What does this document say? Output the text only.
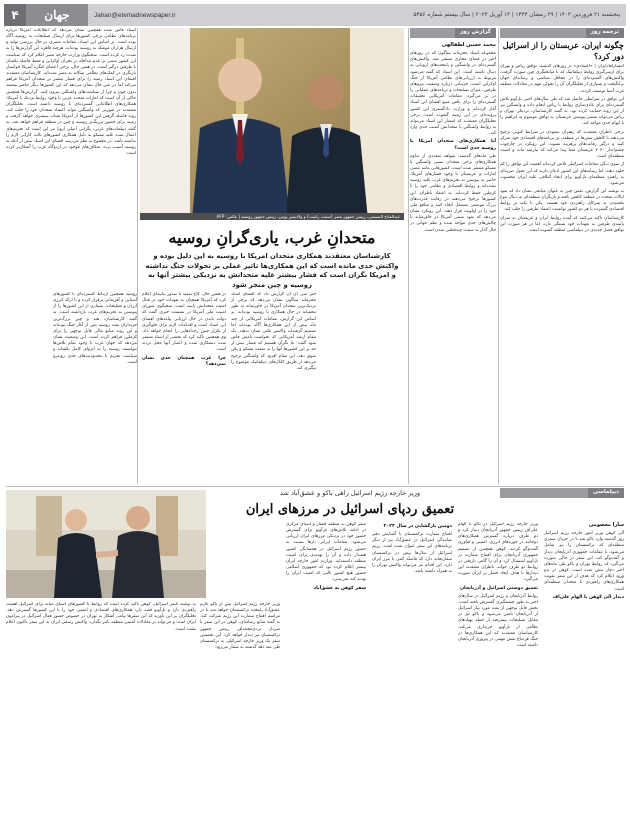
۴	جهان	Jahan@etemadnewspaper.ir	پنجشنبه ۲۱ فروردین ۱۴۰۲ | ۲۹ رمضان ۱۴۴۴ | ۱۳ آوریل ۲۰۲۳ | سال بیستم شماره ۵۴۵۶
ترجمه روز
چگونه ایران، عربستان را از اسرائیل دور کرد؟

انتشارآفادایران | «اعتمادی» در روزهای گذشته، توافق ریاض و تهران برای ازسرگیری روابط دیپلماتیک که با میانجیگری چین صورت گرفت، واکنش‌های گسترده‌ای را در محافل سیاسی و رسانه‌ای جهان برانگیخت و بسیاری از تحلیلگران آن را تحولی مهم در معادلات منطقه غرب آسیا توصیف کردند.

این توافق در شرایطی حاصل شد که طی سال‌های اخیر، تل‌آویو تلاش گسترده‌ای برای عادی‌سازی روابط با ریاض انجام داده و واشنگتن نیز از این روند حمایت کرده بود. به گفته کارشناسان، نزدیکی تهران و ریاض می‌تواند مسیر پیوستن عربستان به توافق موسوم به ابراهیم را با ابهام جدی مواجه کند.

برخی ناظران معتقدند که رهبران سعودی در شرایط کنونی ترجیح می‌دهند با کاهش تنش‌ها در منطقه، بر برنامه‌های اقتصادی خود تمرکز کنند و درگیر رقابت‌های پرهزینه نشوند. این رویکرد در چارچوب چشم‌انداز ۲۰۳۰ عربستان معنا پیدا می‌کند که نیازمند ثبات و امنیت منطقه‌ای است.

از سوی دیگر، مقامات اسرائیلی تلاش کرده‌اند اهمیت این توافق را کم جلوه دهند، اما رسانه‌های این کشور اذعان دارند که این تحول ضربه‌ای به راهبرد منطقه‌ای تل‌آویو برای ایجاد ائتلافی علیه ایران محسوب می‌شود.

به نوشته این گزارش، نقش چین به عنوان میانجی نشان داد که نفوذ ایالات متحده در منطقه کاهش یافته و بازیگران منطقه‌ای به دنبال تنوع بخشیدن به شرکای راهبردی خود هستند. پکن با تکیه بر روابط اقتصادی گسترده با هر دو کشور توانست اعتماد طرفین را جلب کند.

کارشناسان تاکید می‌کنند که آینده روابط ایران و عربستان به میزان پایبندی طرفین به تعهدات خود بستگی دارد، اما در هر صورت این توافق فصل جدیدی در دیپلماسی منطقه گشوده است.

گزارش روز
محمد حسین لطفالهی

مجموعه اسناد محرمانه پنتاگون که در روزهای اخیر در فضای مجازی منتشر شد، واکنش‌های گسترده‌ای در واشنگتن و پایتخت‌های اروپایی به دنبال داشته است. این اسناد که گفته می‌شود مربوط به ارزیابی‌های نظامی آمریکا از جنگ اوکراین است، جزییاتی درباره وضعیت نیروهای طرفین، میزان تسلیحات و برنامه‌های عملیاتی را در بر می‌گیرد. مقامات آمریکایی تحقیقات گسترده‌ای را برای یافتن منبع افشای این اسناد آغاز کرده‌اند و وزارت دادگستری این کشور پرونده‌ای در این زمینه گشوده است. برخی تحلیلگران معتقدند که انتشار این اسناد می‌تواند به روابط واشنگتن با متحدانش آسیب جدی وارد کند.

آیا همکاری‌های متحدان آمریکا با روسیه جدی است؟

طی ماه‌های گذشته، شواهد متعددی از تداوم همکاری‌های برخی متحدان سنتی واشنگتن با مسکو منتشر شده است. کشورهایی مانند مصر، امارات و عربستان با وجود فشارهای آمریکا، حاضر به پیوستن به تحریم‌های غرب علیه روسیه نشده‌اند و روابط اقتصادی و نظامی خود را با کرملین حفظ کرده‌اند. به اعتقاد ناظران، این کشورها ترجیح می‌دهند در رقابت قدرت‌های بزرگ موضعی مستقل اتخاذ کنند و منافع ملی خود را در اولویت قرار دهند. این رویکرد نشان می‌دهد که نفوذ سنتی آمریکا در خاورمیانه با چالش‌های جدی مواجه شده و نظم جهانی در حال گذار به سمت چندقطبی شدن است.

عبدالفتاح السیسی، رییس جمهور مصر (سمت راست) و ولادیمیر پوتین، رییس جمهور روسیه | عکس: AFP

اسناد فاش شده همچنین نشان می‌دهد که اطلاعات آمریکا درباره برنامه‌های نظامی برخی کشورها برای ارسال تسلیحات به روسیه آگاه بوده است. بر اساس این اسناد، مقامات مصری در حال بررسی تولید و ارسال هزاران موشک به روسیه بوده‌اند، هرچند قاهره این گزارش‌ها را به شدت رد کرده است. سخنگوی وزارت خارجه مصر اعلام کرد که سیاست این کشور مبتنی بر عدم مداخله در بحران اوکراین و حفظ فاصله یکسان با طرفین درگیر است. در همین حال، برخی اعضای کنگره آمریکا خواستار بازنگری در کمک‌های نظامی سالانه به مصر شده‌اند. کارشناسان معتقدند افشای این اسناد زمینه را برای فشار بیشتر بر متحدان آمریکا فراهم می‌کند اما در عین حال نشان می‌دهد که این کشورها دیگر حاضر نیستند بدون چون و چرا از سیاست‌های واشنگتن پیروی کنند. گزارش‌ها همچنین حاکی از آن است که امارات متحده عربی با وجود روابط نزدیک با آمریکا، همکاری‌های اطلاعاتی گسترده‌ای با روسیه داشته است. تحلیلگران معتقدند در صورتی که واشنگتن نتواند اعتماد متحدان خود را جلب کند، روند فاصله گرفتن این کشورها از آمریکا شتاب بیشتری خواهد گرفت و زمینه برای حضور پررنگ‌تر روسیه و چین در منطقه فراهم خواهد شد. به گفته دیپلمات‌های غربی، نگرانی اصلی اروپا نیز این است که تحریم‌های اعمال شده علیه مسکو به دلیل همکاری کشورهای ثالث کارایی لازم را نداشته باشد. در مجموع به نظر می‌رسد افشای این اسناد بیش از آنکه به روسیه آسیب بزند، شکاف‌های موجود در اردوگاه غرب را آشکارتر کرده است.

متحدانِ غرب، یاری‌گرانِ روسیه
کارشناسان معتقدند همکاری متحدان امریکا با روسیه به این دلیل بوده و واکنش جدی مانده است که این همکاری‌ها تاثیر عملی بر تحولات جنگ نداشته و امریکا نگران است که فشار بیشتر علیه متحدانش به نزدیکی بیشتر آنها به روسیه و چین منجر شود

خبر سی ان ان گزارش داد که افشای اسناد محرمانه پنتاگون نشان می‌دهد که برخی از نزدیک‌ترین متحدان آمریکا در خاورمیانه به طور مخفیانه در حال همکاری با روسیه بوده‌اند. بر اساس این گزارش، مقامات آمریکایی از چند ماه پیش از این همکاری‌ها آگاه بوده‌اند اما تصمیم گرفته‌اند واکنش علنی نشان ندهند. یک مقام ارشد آمریکایی که نخواست نامش فاش شود گفت: ما نگران هستیم که فشار بیش از حد بر این کشورها آنها را به سمت مسکو و پکن سوق دهد. این مقام افزود که واشنگتن ترجیح می‌دهد از طریق کانال‌های دیپلماتیک موضوع را پیگیری کند.

در همین حال، کاخ سفید با صدور بیانیه‌ای اعلام کرد که آمریکا همچنان به تعهدات خود در قبال امنیت متحدانش پایبند است. سخنگوی شورای امنیت ملی آمریکا در نشست خبری گفت که دولت بایدن در حال ارزیابی پیامدهای افشای این اسناد است و اقدامات لازم برای جلوگیری از تکرار چنین رخدادهایی را انجام خواهد داد. وی همچنین تاکید کرد که بخشی از اسناد منتشر شده دستکاری شده و اعتبار آنها محل تردید است.

چرا غرب همچنان جدی نشان نمی‌دهد؟

روسیه همچنین ارتباط گسترده‌ای با کشورهای آسیایی و آفریقایی برقرار کرده و با ارائه انرژی ارزان و تسلیحات، بسیاری از این کشورها را از پیوستن به تحریم‌های غرب بازداشته است. به گفته کارشناسان، هند و چین بزرگ‌ترین خریداران نفت روسیه پس از آغاز جنگ بوده‌اند و این روند منابع مالی قابل توجهی را برای کرملین فراهم کرده است. این وضعیت نشان می‌دهد که جهان غرب با وجود تمام تلاش‌ها نتوانسته روسیه را به انزوای کامل بکشاند و سیاست تحریم با محدودیت‌های جدی روبه‌رو است.

دیپلماسی
وزیر خارجه رژیم اسرائیل راهی باکو و عشق‌آباد شد
تعمیق ردپای اسرائیل در مرزهای ایران
سارا معصومی

الی کوهن وزیر امور خارجه رژیم اسرائیل روز گذشته وارد باکو شد تا در جریان سفری منطقه‌ای که ترکمنستان را نیز شامل می‌شود، با مقامات جمهوری آذربایجان دیدار و گفت‌وگو کند. این سفر در حالی صورت می‌گیرد که روابط تهران و باکو طی ماه‌های اخیر دچار تنش شده است. کوهن در بدو ورود اعلام کرد که هدف از این سفر تقویت همکاری‌های راهبردی با متحدان منطقه‌ای است.

دیدار الی کوهن با الهام علی‌اف

وزیر خارجه رژیم اسرائیل در باکو با الهام علی‌اف رییس جمهور آذربایجان دیدار کرد و دو طرف درباره گسترش همکاری‌های دوجانبه در حوزه‌های انرژی، امنیتی و فناوری گفت‌وگو کردند. کوهن همچنین از تصمیم جمهوری آذربایجان برای افتتاح سفارت در تل‌آویو استقبال کرد و آن را گامی تاریخی در روابط دو طرف خواند. ناظران معتقدند این دیدارها با هدف ایجاد فشار بر ایران صورت می‌گیرد.

تعمیق دوستی اسرائیل و آذربایجان

روابط آذربایجان و رژیم اسرائیل در سال‌های اخیر به طور چشمگیری گسترش یافته است. بخش قابل توجهی از نفت مورد نیاز اسرائیل از آذربایجان تامین می‌شود و باکو نیز در مقابل تسلیحات پیشرفته از جمله پهپادهای نظامی از تل‌آویو خریداری می‌کند. کارشناسان معتقدند که این همکاری‌ها در جنگ قره‌باغ نقش مهمی در پیروزی آذربایجان داشته است.

دومین بازگشایی در سال ۲۰۲۳

افتتاح سفارت ترکمنستان یا گشایش دفتر نمایندگی اسرائیل در عشق‌آباد نیز از دیگر برنامه‌های این سفر عنوان شده است. رژیم اسرائیل از سال‌ها پیش در ترکمنستان سفارتخانه دارد که فاصله کمی با مرز ایران دارد. این اقدام نیز می‌تواند واکنش تهران را به همراه داشته باشد.

سفر کوهن به منطقه قفقاز و آسیای مرکزی در ادامه تلاش‌های تل‌آویو برای گسترش حضور خود در نزدیکی مرزهای ایران ارزیابی می‌شود. مقامات ایرانی بارها نسبت به حضور رژیم اسرائیل در همسایگی کشور هشدار داده و آن را تهدیدی برای امنیت منطقه دانسته‌اند. وزارت امور خارجه ایران پیشتر اعلام کرده بود که جمهوری اسلامی حضور هیچ کشور ثالثی که امنیت ایران را تهدید کند نمی‌پذیرد.

سفر کوهن به عشق‌آباد

وزیر خارجه رژیم اسرائیل پس از باکو عازم عشق‌آباد پایتخت ترکمنستان خواهد شد تا در مراسم افتتاح سفارت این رژیم شرکت کند. به گفته منابع رسانه‌ای، کوهن در این سفر با سردار بردی‌محمداف رییس جمهور ترکمنستان نیز دیدار خواهد کرد. این نخستین سفر یک وزیر خارجه اسرائیلی به ترکمنستان طی سه دهه گذشته به شمار می‌رود.

به نوشته تایمز اسرائیل، کوهن تاکید کرده است که روابط با کشورهای آسیای میانه برای اسرائیل اهمیت راهبردی دارد و تل‌آویو قصد دارد همکاری‌های اقتصادی و امنیتی خود را با این کشورها گسترش دهد. تحلیلگران بر این باورند که این سفرها پیامی آشکار به تهران در خصوص حضور فعال اسرائیل در پیرامون ایران است و می‌تواند بر معادلات امنیتی منطقه تاثیر بگذارد. واکنش رسمی ایران به این سفر تاکنون اعلام نشده است.
